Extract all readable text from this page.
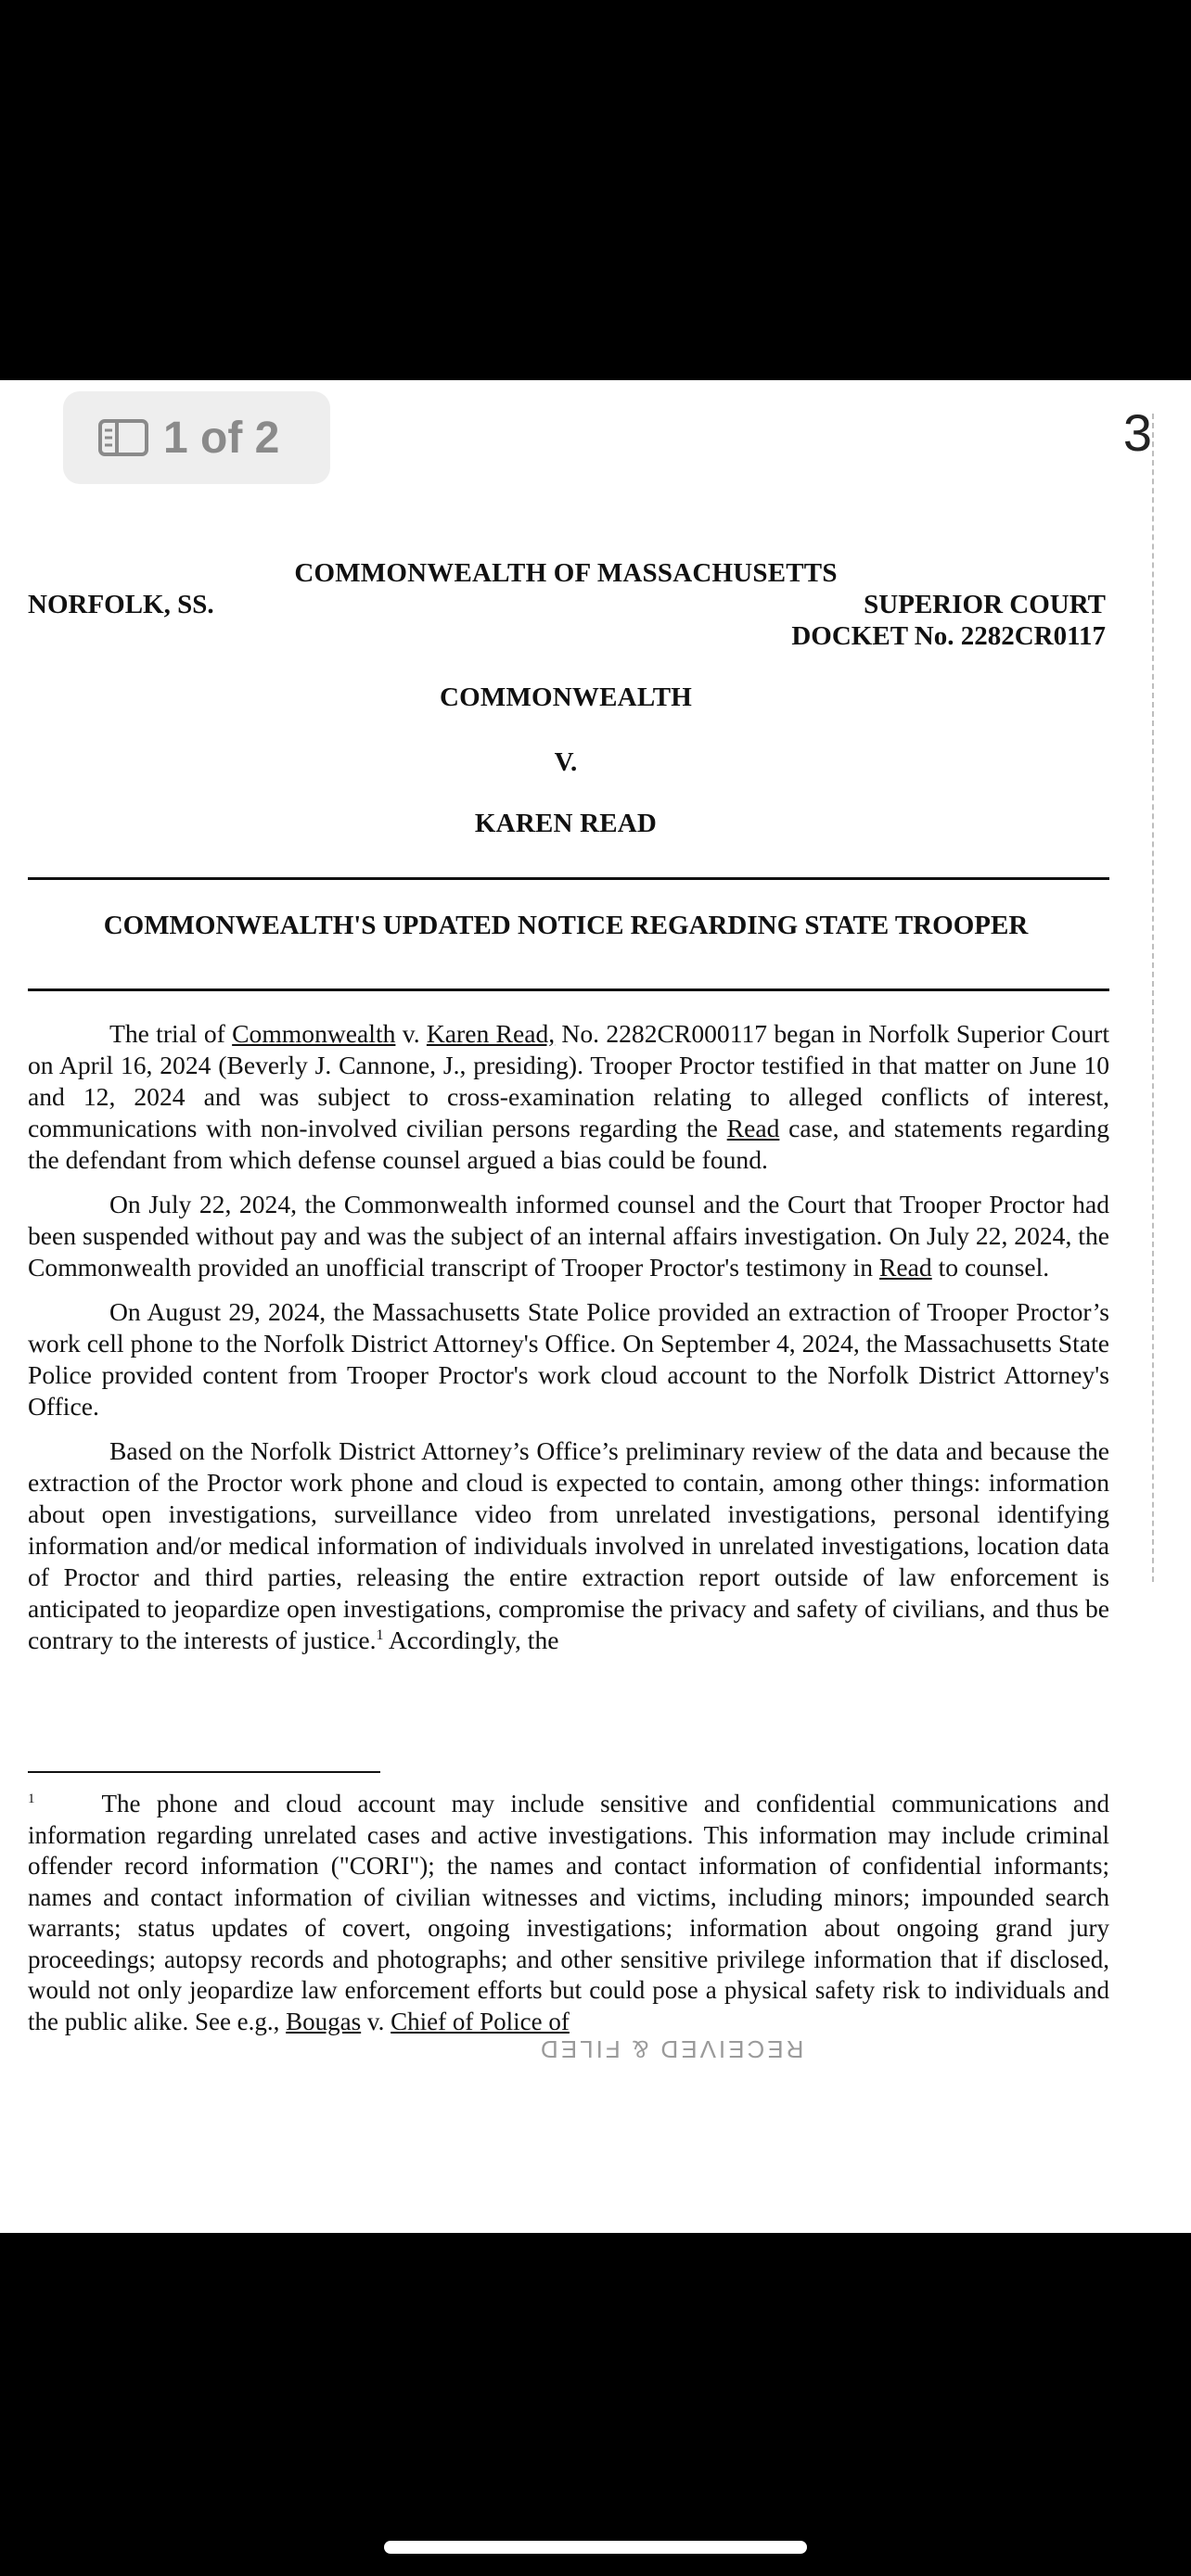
1 of 2	3
COMMONWEALTH OF MASSACHUSETTS
NORFOLK, SS.	SUPERIOR COURT
DOCKET No. 2282CR0117
COMMONWEALTH
V.
KAREN READ
COMMONWEALTH'S UPDATED NOTICE REGARDING STATE TROOPER

The trial of Commonwealth v. Karen Read, No. 2282CR000117 began in Norfolk Superior Court on April 16, 2024 (Beverly J. Cannone, J., presiding). Trooper Proctor testified in that matter on June 10 and 12, 2024 and was subject to cross-examination relating to alleged conflicts of interest, communications with non-involved civilian persons regarding the Read case, and statements regarding the defendant from which defense counsel argued a bias could be found.

On July 22, 2024, the Commonwealth informed counsel and the Court that Trooper Proctor had been suspended without pay and was the subject of an internal affairs investigation. On July 22, 2024, the Commonwealth provided an unofficial transcript of Trooper Proctor's testimony in Read to counsel.

On August 29, 2024, the Massachusetts State Police provided an extraction of Trooper Proctor’s work cell phone to the Norfolk District Attorney's Office. On September 4, 2024, the Massachusetts State Police provided content from Trooper Proctor's work cloud account to the Norfolk District Attorney's Office.

Based on the Norfolk District Attorney’s Office’s preliminary review of the data and because the extraction of the Proctor work phone and cloud is expected to contain, among other things: information about open investigations, surveillance video from unrelated investigations, personal identifying information and/or medical information of individuals involved in unrelated investigations, location data of Proctor and third parties, releasing the entire extraction report outside of law enforcement is anticipated to jeopardize open investigations, compromise the privacy and safety of civilians, and thus be contrary to the interests of justice.$^1$ Accordingly, the

$^1$	The phone and cloud account may include sensitive and confidential communications and information regarding unrelated cases and active investigations. This information may include criminal offender record information ("CORI"); the names and contact information of confidential informants; names and contact information of civilian witnesses and victims, including minors; impounded search warrants; status updates of covert, ongoing investigations; information about ongoing grand jury proceedings; autopsy records and photographs; and other sensitive privilege information that if disclosed, would not only jeopardize law enforcement efforts but could pose a physical safety risk to individuals and the public alike. See e.g., Bougas v. Chief of Police of
RECEIVED & FILED
